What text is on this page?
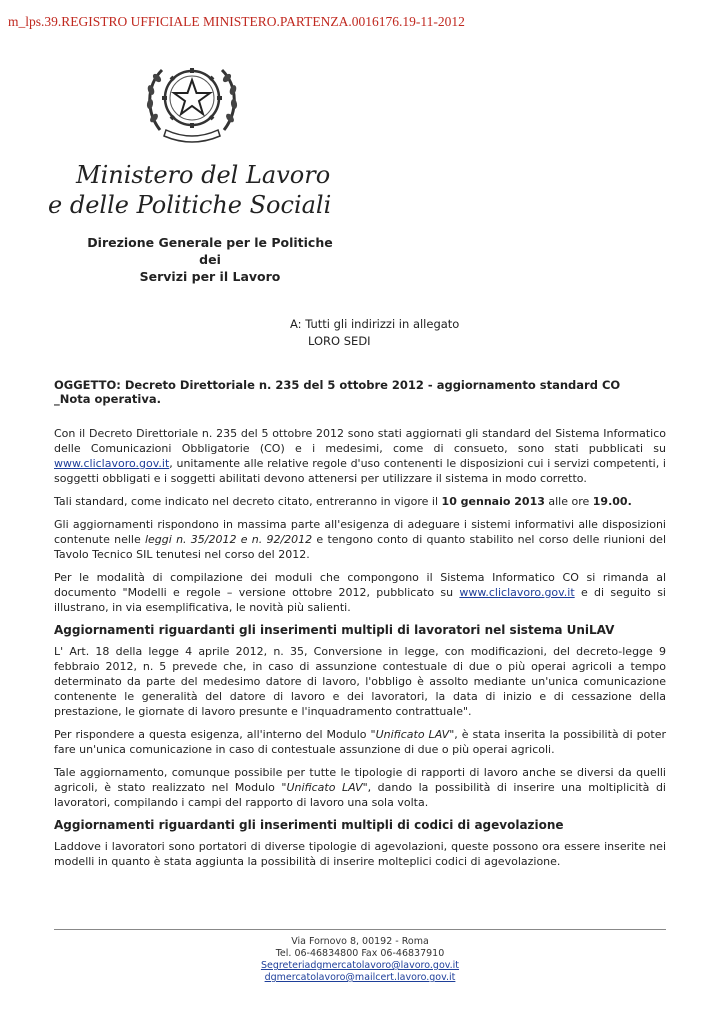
m_lps.39.REGISTRO UFFICIALE MINISTERO.PARTENZA.0016176.19-11-2012
Ministero del Lavoro
e delle Politiche Sociali
Direzione Generale per le Politiche dei
Servizi per il Lavoro
A: Tutti gli indirizzi in allegato
LORO SEDI
OGGETTO: Decreto Direttoriale n. 235 del 5 ottobre 2012 - aggiornamento standard CO _Nota operativa.

Con il Decreto Direttoriale n. 235 del 5 ottobre 2012 sono stati aggiornati gli standard del Sistema Informatico delle Comunicazioni Obbligatorie (CO) e i medesimi, come di consueto, sono stati pubblicati su www.cliclavoro.gov.it, unitamente alle relative regole d'uso contenenti le disposizioni cui i servizi competenti, i soggetti obbligati e i soggetti abilitati devono attenersi per utilizzare il sistema in modo corretto.

Tali standard, come indicato nel decreto citato, entreranno in vigore il 10 gennaio 2013 alle ore 19.00.

Gli aggiornamenti rispondono in massima parte all'esigenza di adeguare i sistemi informativi alle disposizioni contenute nelle leggi n. 35/2012 e n. 92/2012 e tengono conto di quanto stabilito nel corso delle riunioni del Tavolo Tecnico SIL tenutesi nel corso del 2012.

Per le modalità di compilazione dei moduli che compongono il Sistema Informatico CO si rimanda al documento "Modelli e regole – versione ottobre 2012, pubblicato su www.cliclavoro.gov.it e di seguito si illustrano, in via esemplificativa, le novità più salienti.

Aggiornamenti riguardanti gli inserimenti multipli di lavoratori nel sistema UniLAV

L' Art. 18 della legge 4 aprile 2012, n. 35, Conversione in legge, con modificazioni, del decreto-legge 9 febbraio 2012, n. 5 prevede che, in caso di assunzione contestuale di due o più operai agricoli a tempo determinato da parte del medesimo datore di lavoro, l'obbligo è assolto mediante un'unica comunicazione contenente le generalità del datore di lavoro e dei lavoratori, la data di inizio e di cessazione della prestazione, le giornate di lavoro presunte e l'inquadramento contrattuale".

Per rispondere a questa esigenza, all'interno del Modulo "Unificato LAV", è stata inserita la possibilità di poter fare un'unica comunicazione in caso di contestuale assunzione di due o più operai agricoli.

Tale aggiornamento, comunque possibile per tutte le tipologie di rapporti di lavoro anche se diversi da quelli agricoli, è stato realizzato nel Modulo "Unificato LAV", dando la possibilità di inserire una moltiplicità di lavoratori, compilando i campi del rapporto di lavoro una sola volta.

Aggiornamenti riguardanti gli inserimenti multipli di codici di agevolazione

Laddove i lavoratori sono portatori di diverse tipologie di agevolazioni, queste possono ora essere inserite nei modelli in quanto è stata aggiunta la possibilità di inserire molteplici codici di agevolazione.

Via Fornovo 8, 00192 - Roma
Tel. 06-46834800 Fax 06-46837910
Segreteriadgmercatolavoro@lavoro.gov.it
dgmercatolavoro@mailcert.lavoro.gov.it
